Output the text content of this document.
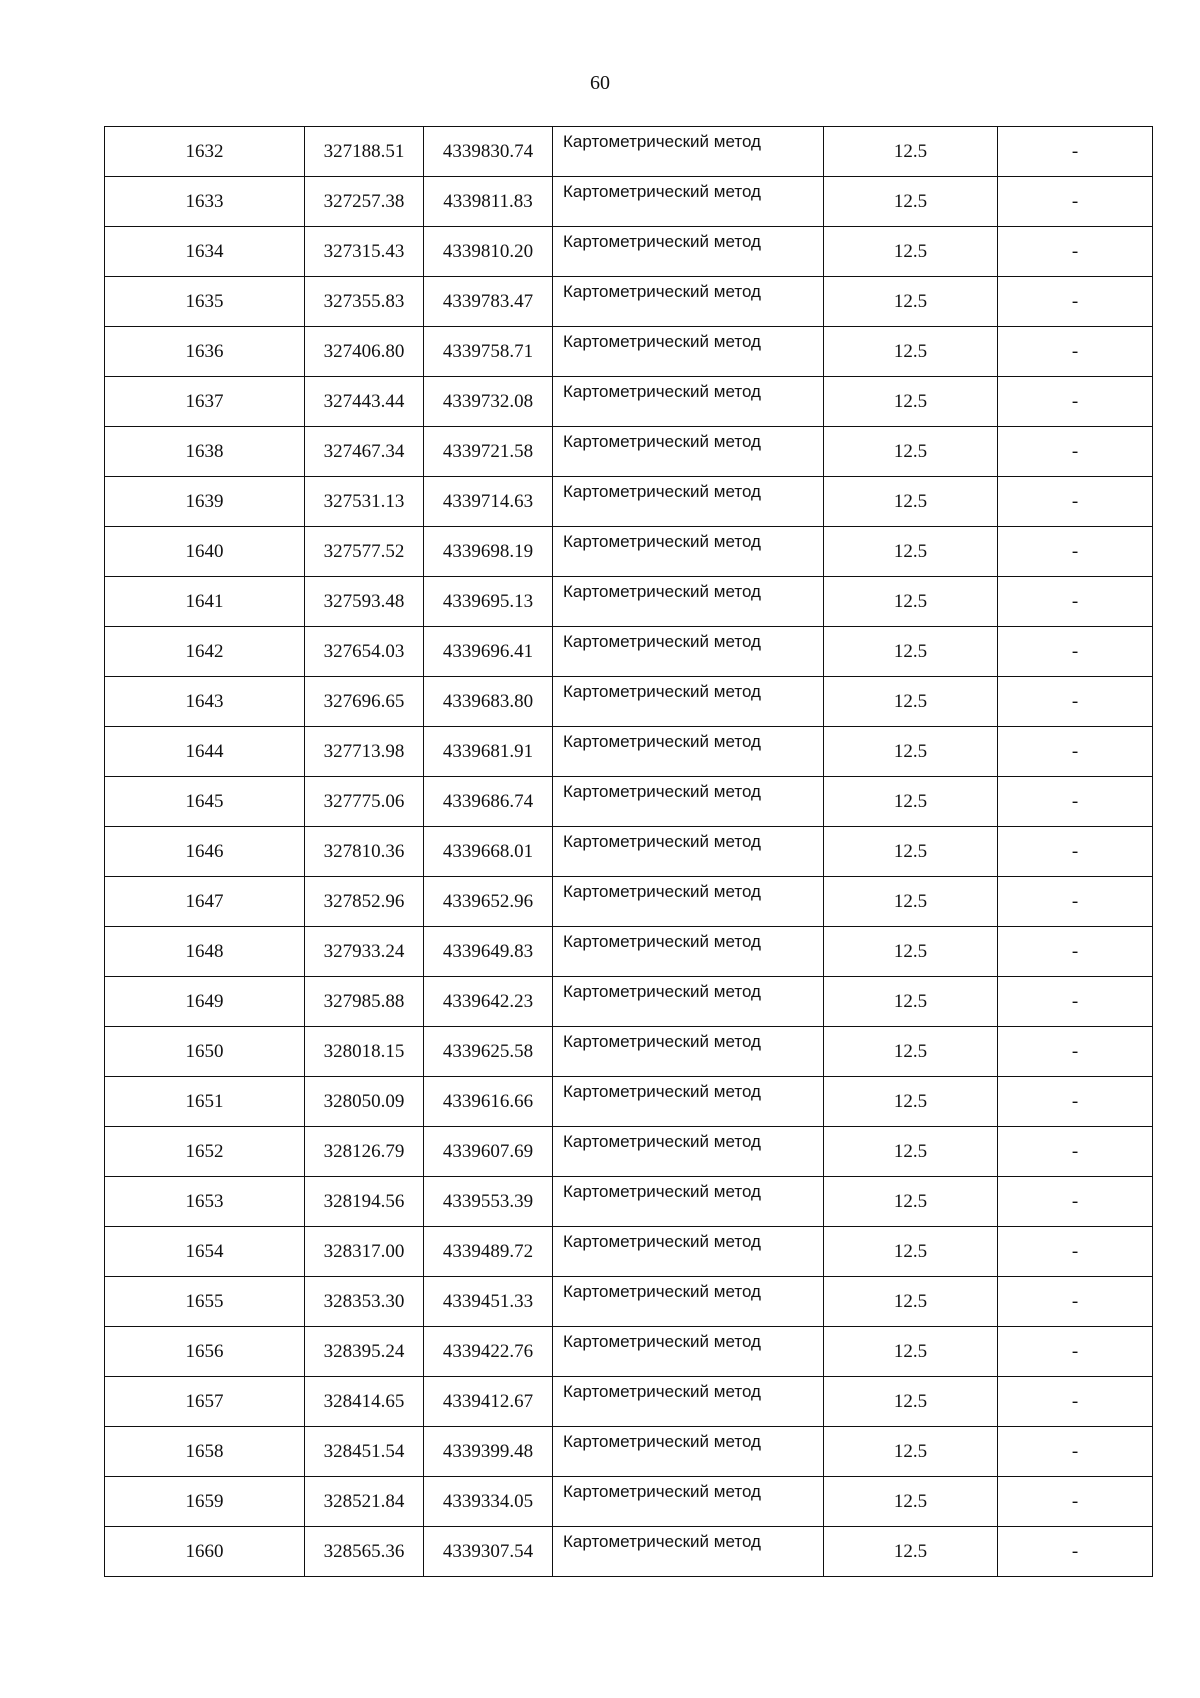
60
1632	327188.51	4339830.74	Картометрический метод	12.5	-
1633	327257.38	4339811.83	Картометрический метод	12.5	-
1634	327315.43	4339810.20	Картометрический метод	12.5	-
1635	327355.83	4339783.47	Картометрический метод	12.5	-
1636	327406.80	4339758.71	Картометрический метод	12.5	-
1637	327443.44	4339732.08	Картометрический метод	12.5	-
1638	327467.34	4339721.58	Картометрический метод	12.5	-
1639	327531.13	4339714.63	Картометрический метод	12.5	-
1640	327577.52	4339698.19	Картометрический метод	12.5	-
1641	327593.48	4339695.13	Картометрический метод	12.5	-
1642	327654.03	4339696.41	Картометрический метод	12.5	-
1643	327696.65	4339683.80	Картометрический метод	12.5	-
1644	327713.98	4339681.91	Картометрический метод	12.5	-
1645	327775.06	4339686.74	Картометрический метод	12.5	-
1646	327810.36	4339668.01	Картометрический метод	12.5	-
1647	327852.96	4339652.96	Картометрический метод	12.5	-
1648	327933.24	4339649.83	Картометрический метод	12.5	-
1649	327985.88	4339642.23	Картометрический метод	12.5	-
1650	328018.15	4339625.58	Картометрический метод	12.5	-
1651	328050.09	4339616.66	Картометрический метод	12.5	-
1652	328126.79	4339607.69	Картометрический метод	12.5	-
1653	328194.56	4339553.39	Картометрический метод	12.5	-
1654	328317.00	4339489.72	Картометрический метод	12.5	-
1655	328353.30	4339451.33	Картометрический метод	12.5	-
1656	328395.24	4339422.76	Картометрический метод	12.5	-
1657	328414.65	4339412.67	Картометрический метод	12.5	-
1658	328451.54	4339399.48	Картометрический метод	12.5	-
1659	328521.84	4339334.05	Картометрический метод	12.5	-
1660	328565.36	4339307.54	Картометрический метод	12.5	-
